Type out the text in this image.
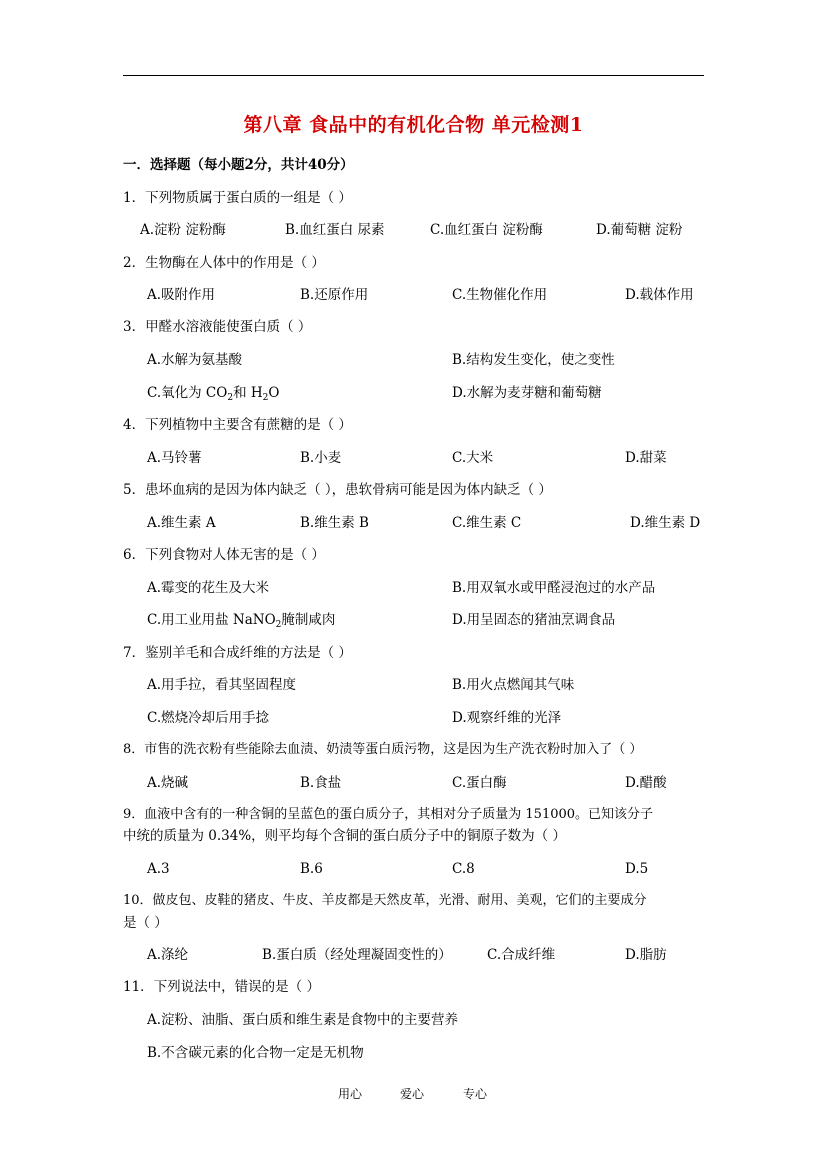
第八章 食品中的有机化合物 单元检测1
一．选择题（每小题2分，共计40分）
1．下列物质属于蛋白质的一组是（ ）
A.淀粉 淀粉酶	B.血红蛋白 尿素	C.血红蛋白 淀粉酶	D.葡萄糖 淀粉
2．生物酶在人体中的作用是（ ）
A.吸附作用	B.还原作用	C.生物催化作用	D.载体作用
3．甲醛水溶液能使蛋白质（ ）
A.水解为氨基酸	B.结构发生变化，使之变性
C.氧化为 $CO_2$和 $H_2O$	D.水解为麦芽糖和葡萄糖
4．下列植物中主要含有蔗糖的是（ ）
A.马铃薯	B.小麦	C.大米	D.甜菜
5．患坏血病的是因为体内缺乏（ ），患软骨病可能是因为体内缺乏（ ）
A.维生素 A	B.维生素 B	C.维生素 C	D.维生素 D
6．下列食物对人体无害的是（ ）
A.霉变的花生及大米	B.用双氧水或甲醛浸泡过的水产品
C.用工业用盐 NaNO$_2$腌制咸肉	D.用呈固态的猪油烹调食品
7．鉴别羊毛和合成纤维的方法是（ ）
A.用手拉，看其坚固程度	B.用火点燃闻其气味
C.燃烧冷却后用手捻	D.观察纤维的光泽
8．市售的洗衣粉有些能除去血渍、奶渍等蛋白质污物，这是因为生产洗衣粉时加入了（ ）
A.烧碱	B.食盐	C.蛋白酶	D.醋酸
9．血液中含有的一种含铜的呈蓝色的蛋白质分子，其相对分子质量为 151000。已知该分子
中统的质量为 0.34%，则平均每个含铜的蛋白质分子中的铜原子数为（ ）
A.3	B.6	C.8	D.5
10．做皮包、皮鞋的猪皮、牛皮、羊皮都是天然皮革，光滑、耐用、美观，它们的主要成分
是（ ）
A.涤纶	B.蛋白质（经处理凝固变性的）	C.合成纤维	D.脂肪
11．下列说法中，错误的是（ ）
A.淀粉、油脂、蛋白质和维生素是食物中的主要营养
B.不含碳元素的化合物一定是无机物
用心	爱心	专心
